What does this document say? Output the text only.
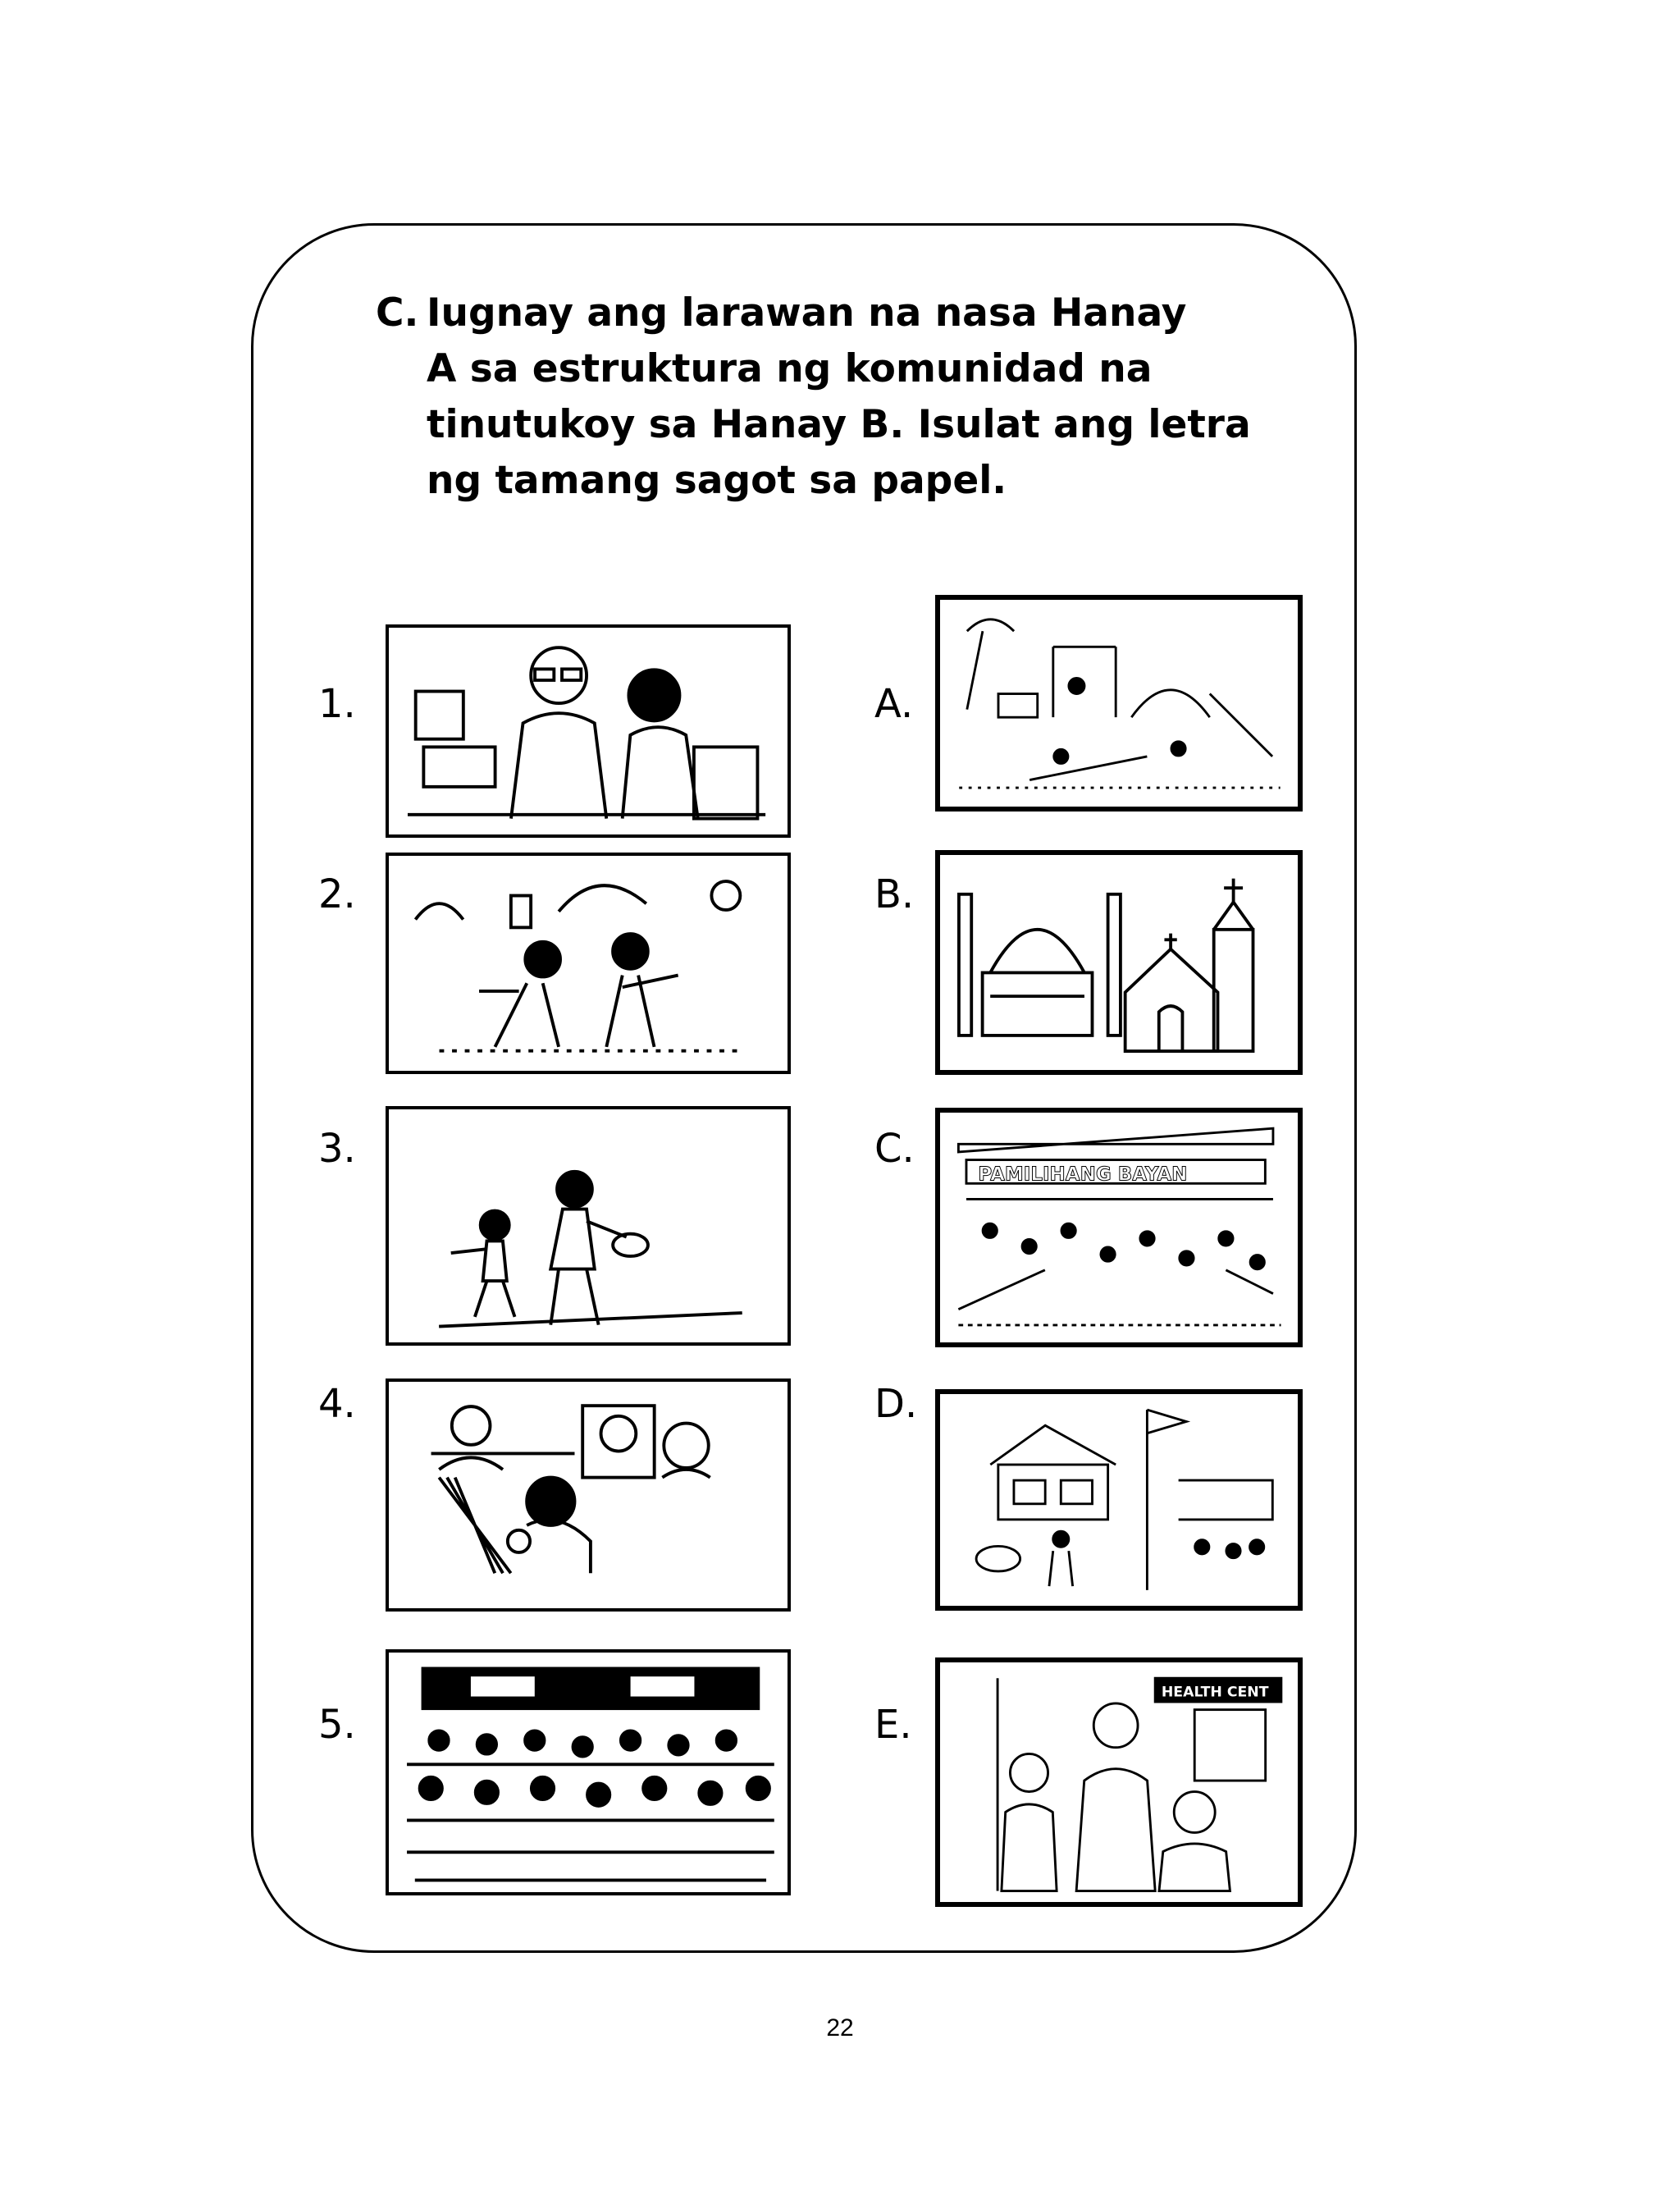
C. Iugnay ang larawan na nasa Hanay
A sa estruktura ng komunidad na
tinutukoy sa Hanay B. Isulat ang letra
ng tamang sagot sa papel.
1.
2.
3.
4.
5.
A.
B.
C.
D.
E.
PAMILIHANG BAYAN
HEALTH CENT
22
